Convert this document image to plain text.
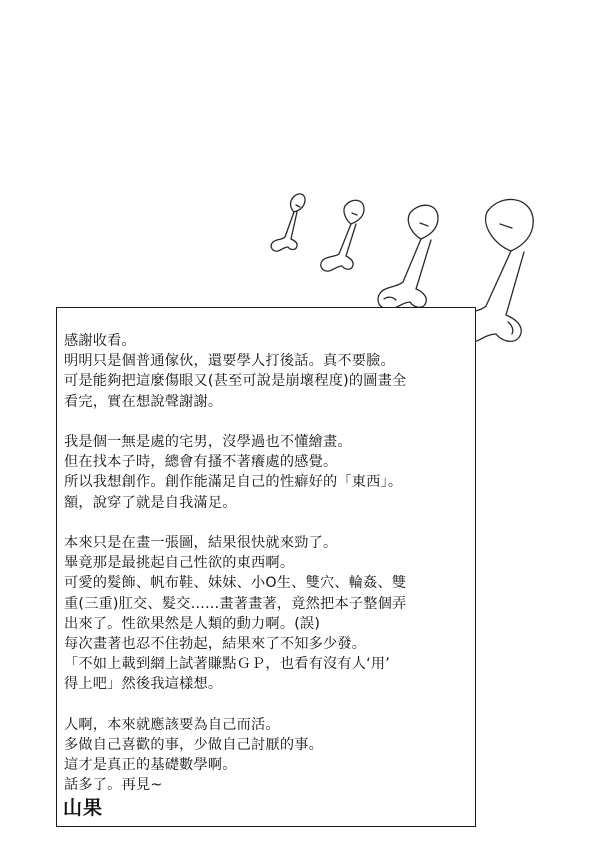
感謝收看。
明明只是個普通傢伙，還要學人打後話。真不要臉。
可是能夠把這麼傷眼又(甚至可說是崩壞程度)的圖畫全
看完，實在想說聲謝謝。
我是個一無是處的宅男，沒學過也不懂繪畫。
但在找本子時，總會有搔不著癢處的感覺。
所以我想創作。創作能滿足自己的性癖好的「東西」。
額，說穿了就是自我滿足。
本來只是在畫一張圖，結果很快就來勁了。
畢竟那是最挑起自己性欲的東西啊。
可愛的髮飾、帆布鞋、妹妹、小O生、雙穴、輪姦、雙
重(三重)肛交、髮交……畫著畫著，竟然把本子整個弄
出來了。性欲果然是人類的動力啊。(誤)
每次畫著也忍不住勃起，結果來了不知多少發。
「不如上載到網上試著賺點ＧＰ，也看有沒有人‘用’
得上吧」然後我這樣想。
人啊，本來就應該要為自己而活。
多做自己喜歡的事，少做自己討厭的事。
這才是真正的基礎數學啊。
話多了。再見~
山果
